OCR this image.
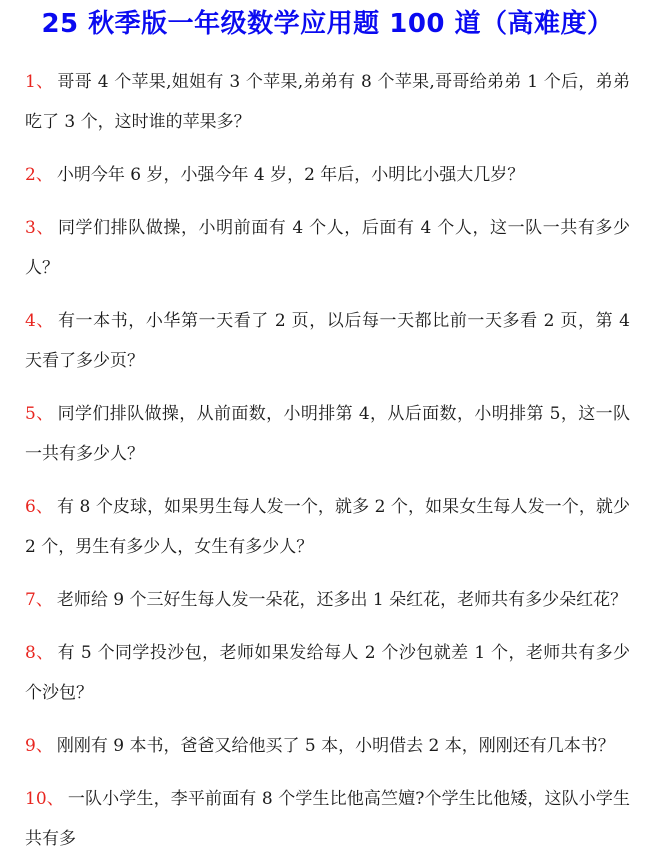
25 秋季版一年级数学应用题 100 道（高难度）

1、 哥哥 4 个苹果,姐姐有 3 个苹果,弟弟有 8 个苹果,哥哥给弟弟 1 个后，弟弟吃了 3 个，这时谁的苹果多？

2、 小明今年 6 岁，小强今年 4 岁，2 年后，小明比小强大几岁？

3、 同学们排队做操，小明前面有 4 个人，后面有 4 个人，这一队一共有多少人？

4、 有一本书，小华第一天看了 2 页，以后每一天都比前一天多看 2 页，第 4 天看了多少页？

5、 同学们排队做操，从前面数，小明排第 4，从后面数，小明排第 5，这一队一共有多少人？

6、 有 8 个皮球，如果男生每人发一个，就多 2 个，如果女生每人发一个，就少 2 个，男生有多少人，女生有多少人？

7、 老师给 9 个三好生每人发一朵花，还多出 1 朵红花，老师共有多少朵红花？

8、 有 5 个同学投沙包，老师如果发给每人 2 个沙包就差 1 个，老师共有多少个沙包？

9、 刚刚有 9 本书，爸爸又给他买了 5 本，小明借去 2 本，刚刚还有几本书？

10、 一队小学生，李平前面有 8 个学生比他高竺嬗?个学生比他矮，这队小学生共有多
